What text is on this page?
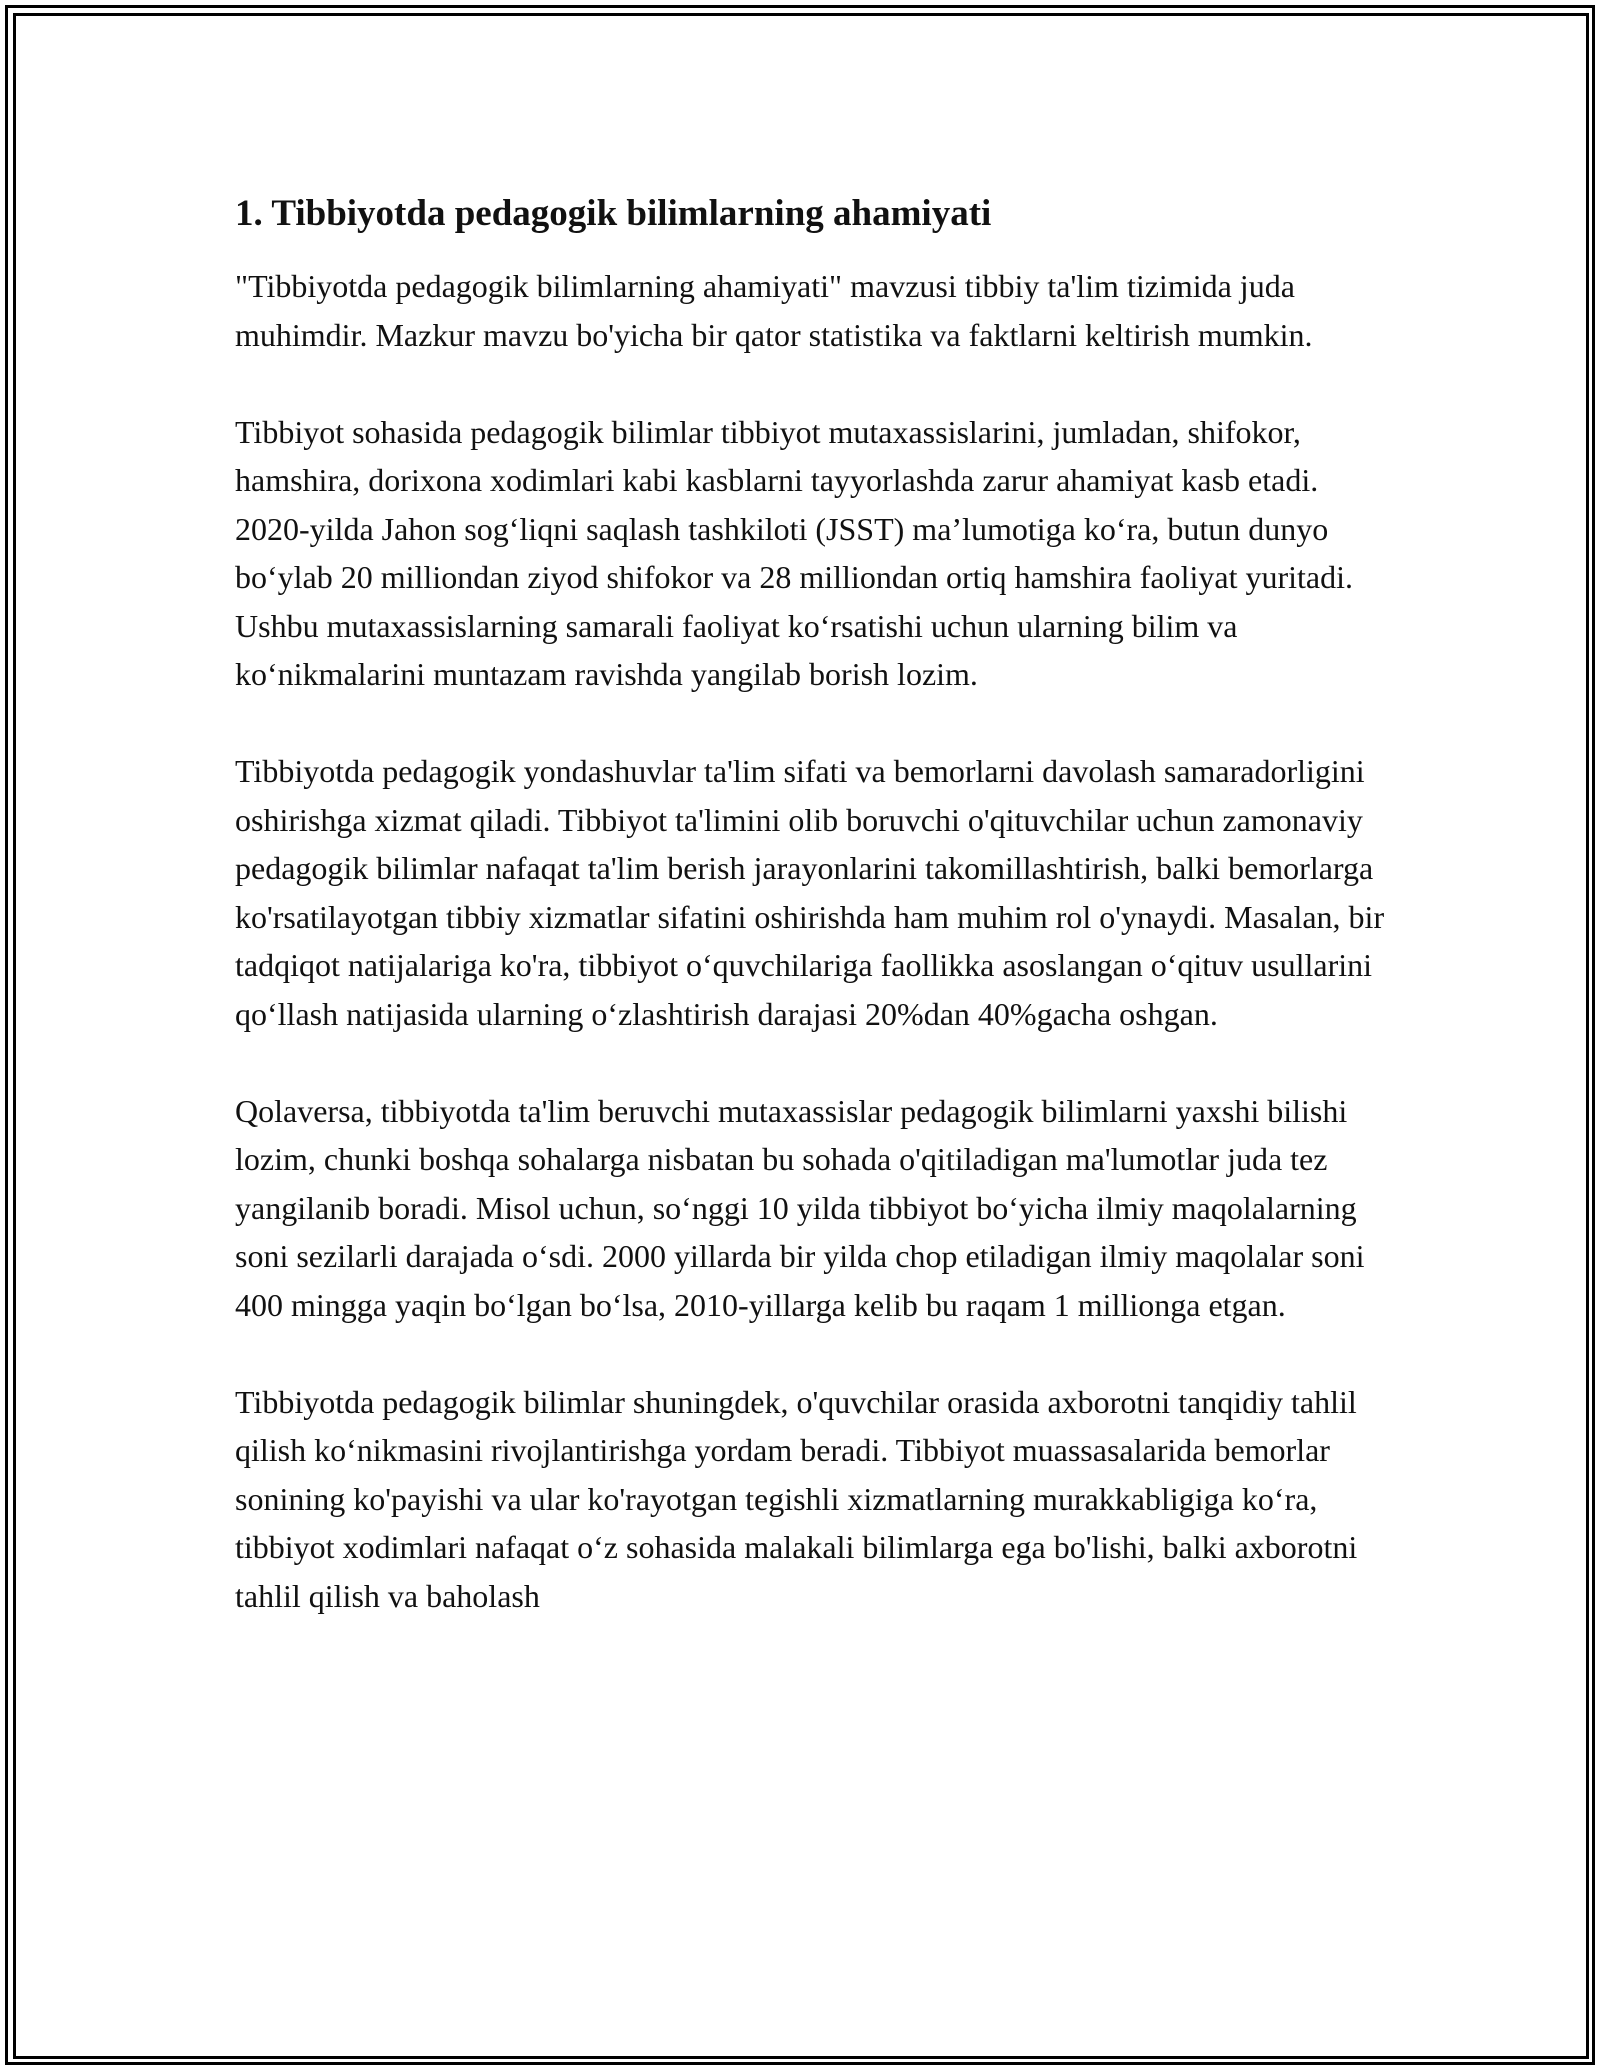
1. Tibbiyotda pedagogik bilimlarning ahamiyati

"Tibbiyotda pedagogik bilimlarning ahamiyati" mavzusi tibbiy ta'lim tizimida juda muhimdir. Mazkur mavzu bo'yicha bir qator statistika va faktlarni keltirish mumkin.

Tibbiyot sohasida pedagogik bilimlar tibbiyot mutaxassislarini, jumladan, shifokor, hamshira, dorixona xodimlari kabi kasblarni tayyorlashda zarur ahamiyat kasb etadi. 2020-yilda Jahon sog‘liqni saqlash tashkiloti (JSST) ma’lumotiga ko‘ra, butun dunyo bo‘ylab 20 milliondan ziyod shifokor va 28 milliondan ortiq hamshira faoliyat yuritadi. Ushbu mutaxassislarning samarali faoliyat ko‘rsatishi uchun ularning bilim va ko‘nikmalarini muntazam ravishda yangilab borish lozim.

Tibbiyotda pedagogik yondashuvlar ta'lim sifati va bemorlarni davolash samaradorligini oshirishga xizmat qiladi. Tibbiyot ta'limini olib boruvchi o'qituvchilar uchun zamonaviy pedagogik bilimlar nafaqat ta'lim berish jarayonlarini takomillashtirish, balki bemorlarga ko'rsatilayotgan tibbiy xizmatlar sifatini oshirishda ham muhim rol o'ynaydi. Masalan, bir tadqiqot natijalariga ko'ra, tibbiyot o‘quvchilariga faollikka asoslangan o‘qituv usullarini qo‘llash natijasida ularning o‘zlashtirish darajasi 20%dan 40%gacha oshgan.

Qolaversa, tibbiyotda ta'lim beruvchi mutaxassislar pedagogik bilimlarni yaxshi bilishi lozim, chunki boshqa sohalarga nisbatan bu sohada o'qitiladigan ma'lumotlar juda tez yangilanib boradi. Misol uchun, so‘nggi 10 yilda tibbiyot bo‘yicha ilmiy maqolalarning soni sezilarli darajada o‘sdi. 2000 yillarda bir yilda chop etiladigan ilmiy maqolalar soni 400 mingga yaqin bo‘lgan bo‘lsa, 2010-yillarga kelib bu raqam 1 millionga etgan.

Tibbiyotda pedagogik bilimlar shuningdek, o'quvchilar orasida axborotni tanqidiy tahlil qilish ko‘nikmasini rivojlantirishga yordam beradi. Tibbiyot muassasalarida bemorlar sonining ko'payishi va ular ko'rayotgan tegishli xizmatlarning murakkabligiga ko‘ra, tibbiyot xodimlari nafaqat o‘z sohasida malakali bilimlarga ega bo'lishi, balki axborotni tahlil qilish va baholash
